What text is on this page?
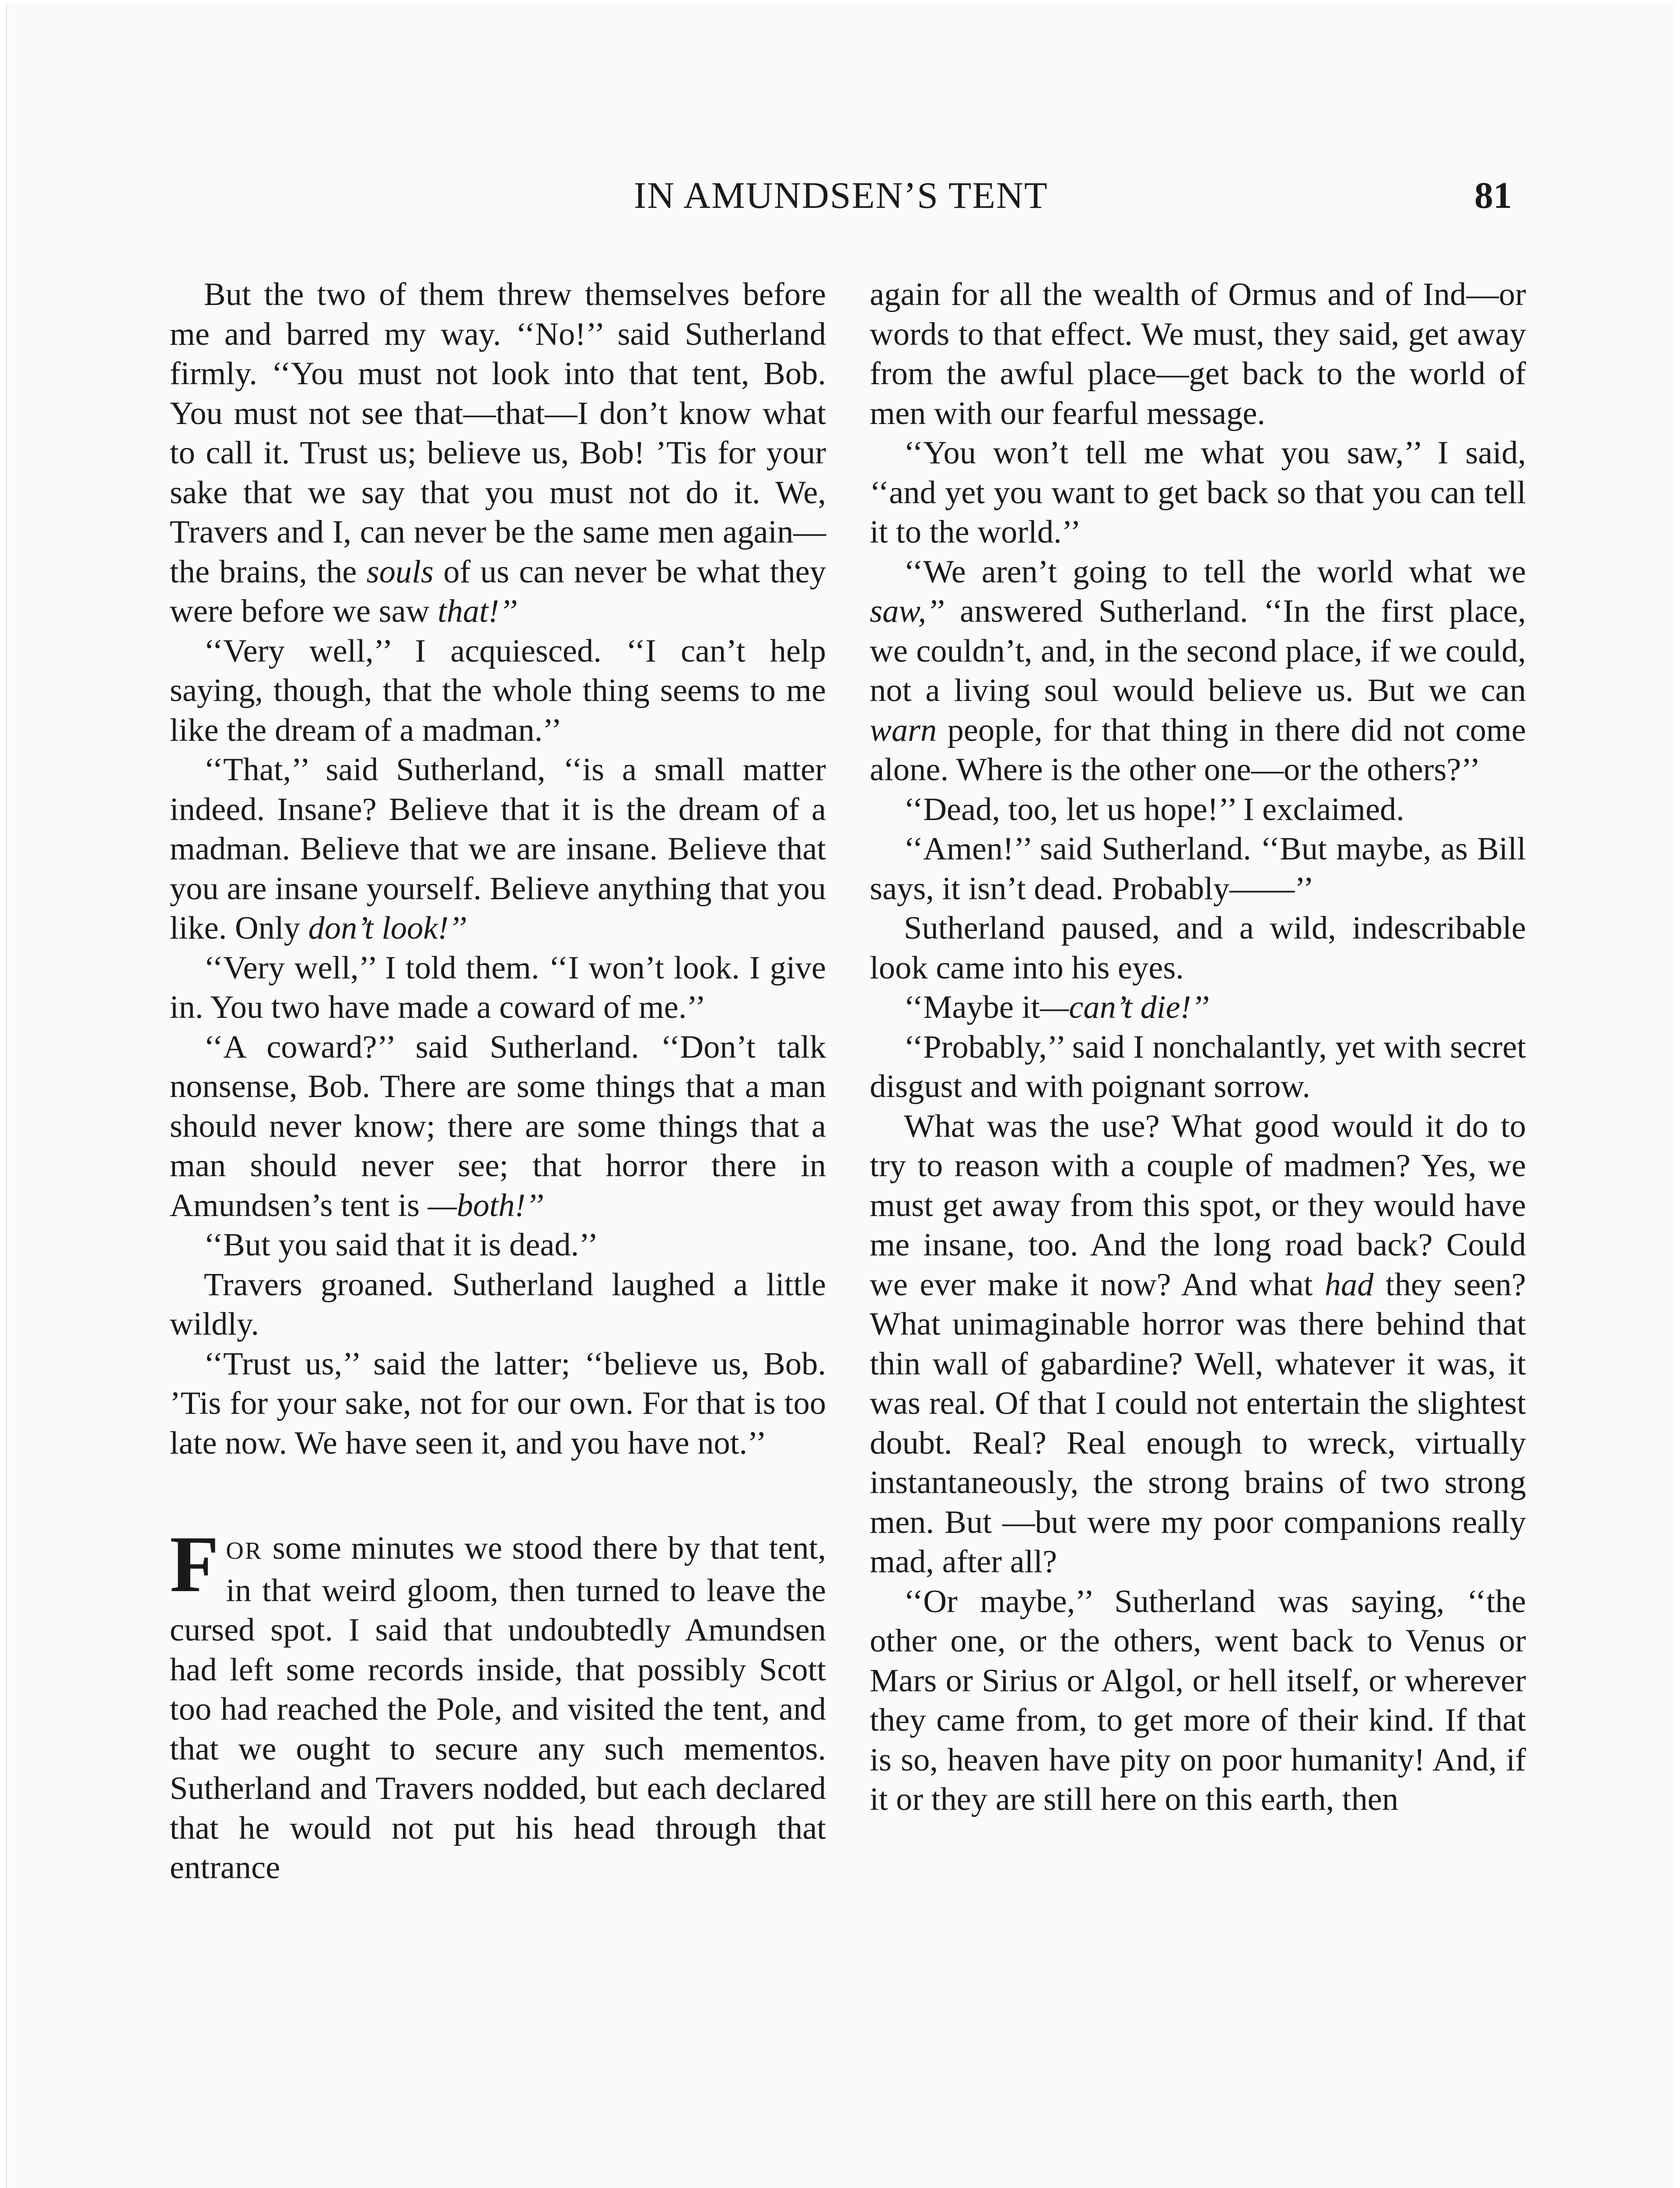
IN AMUNDSEN’S TENT	81

But the two of them threw themselves before me and barred my way. ‘‘No!’’ said Sutherland firmly. ‘‘You must not look into that tent, Bob. You must not see that—that—I don’t know what to call it. Trust us; believe us, Bob! ’Tis for your sake that we say that you must not do it. We, Travers and I, can never be the same men again—the brains, the souls of us can never be what they were before we saw that!’’

‘‘Very well,’’ I acquiesced. ‘‘I can’t help saying, though, that the whole thing seems to me like the dream of a madman.’’

‘‘That,’’ said Sutherland, ‘‘is a small matter indeed. Insane? Believe that it is the dream of a madman. Believe that we are insane. Believe that you are insane yourself. Believe anything that you like. Only don’t look!’’

‘‘Very well,’’ I told them. ‘‘I won’t look. I give in. You two have made a coward of me.’’

‘‘A coward?’’ said Sutherland. ‘‘Don’t talk nonsense, Bob. There are some things that a man should never know; there are some things that a man should never see; that horror there in Amundsen’s tent is —both!’’

‘‘But you said that it is dead.’’

Travers groaned. Sutherland laughed a little wildly.

‘‘Trust us,’’ said the latter; ‘‘believe us, Bob. ’Tis for your sake, not for our own. For that is too late now. We have seen it, and you have not.’’

FOR some minutes we stood there by that tent, in that weird gloom, then turned to leave the cursed spot. I said that undoubtedly Amundsen had left some records inside, that possibly Scott too had reached the Pole, and visited the tent, and that we ought to secure any such mementos. Sutherland and Travers nodded, but each declared that he would not put his head through that entrance

again for all the wealth of Ormus and of Ind—or words to that effect. We must, they said, get away from the awful place—get back to the world of men with our fearful message.

‘‘You won’t tell me what you saw,’’ I said, ‘‘and yet you want to get back so that you can tell it to the world.’’

‘‘We aren’t going to tell the world what we saw,’’ answered Sutherland. ‘‘In the first place, we couldn’t, and, in the second place, if we could, not a living soul would believe us. But we can warn people, for that thing in there did not come alone. Where is the other one—or the others?’’

‘‘Dead, too, let us hope!’’ I exclaimed.

‘‘Amen!’’ said Sutherland. ‘‘But maybe, as Bill says, it isn’t dead. Probably——’’

Sutherland paused, and a wild, indescribable look came into his eyes.

‘‘Maybe it—can’t die!’’

‘‘Probably,’’ said I nonchalantly, yet with secret disgust and with poignant sorrow.

What was the use? What good would it do to try to reason with a couple of madmen? Yes, we must get away from this spot, or they would have me insane, too. And the long road back? Could we ever make it now? And what had they seen? What unimaginable horror was there behind that thin wall of gabardine? Well, whatever it was, it was real. Of that I could not entertain the slightest doubt. Real? Real enough to wreck, virtually instantaneously, the strong brains of two strong men. But —but were my poor companions really mad, after all?

‘‘Or maybe,’’ Sutherland was saying, ‘‘the other one, or the others, went back to Venus or Mars or Sirius or Algol, or hell itself, or wherever they came from, to get more of their kind. If that is so, heaven have pity on poor humanity! And, if it or they are still here on this earth, then
